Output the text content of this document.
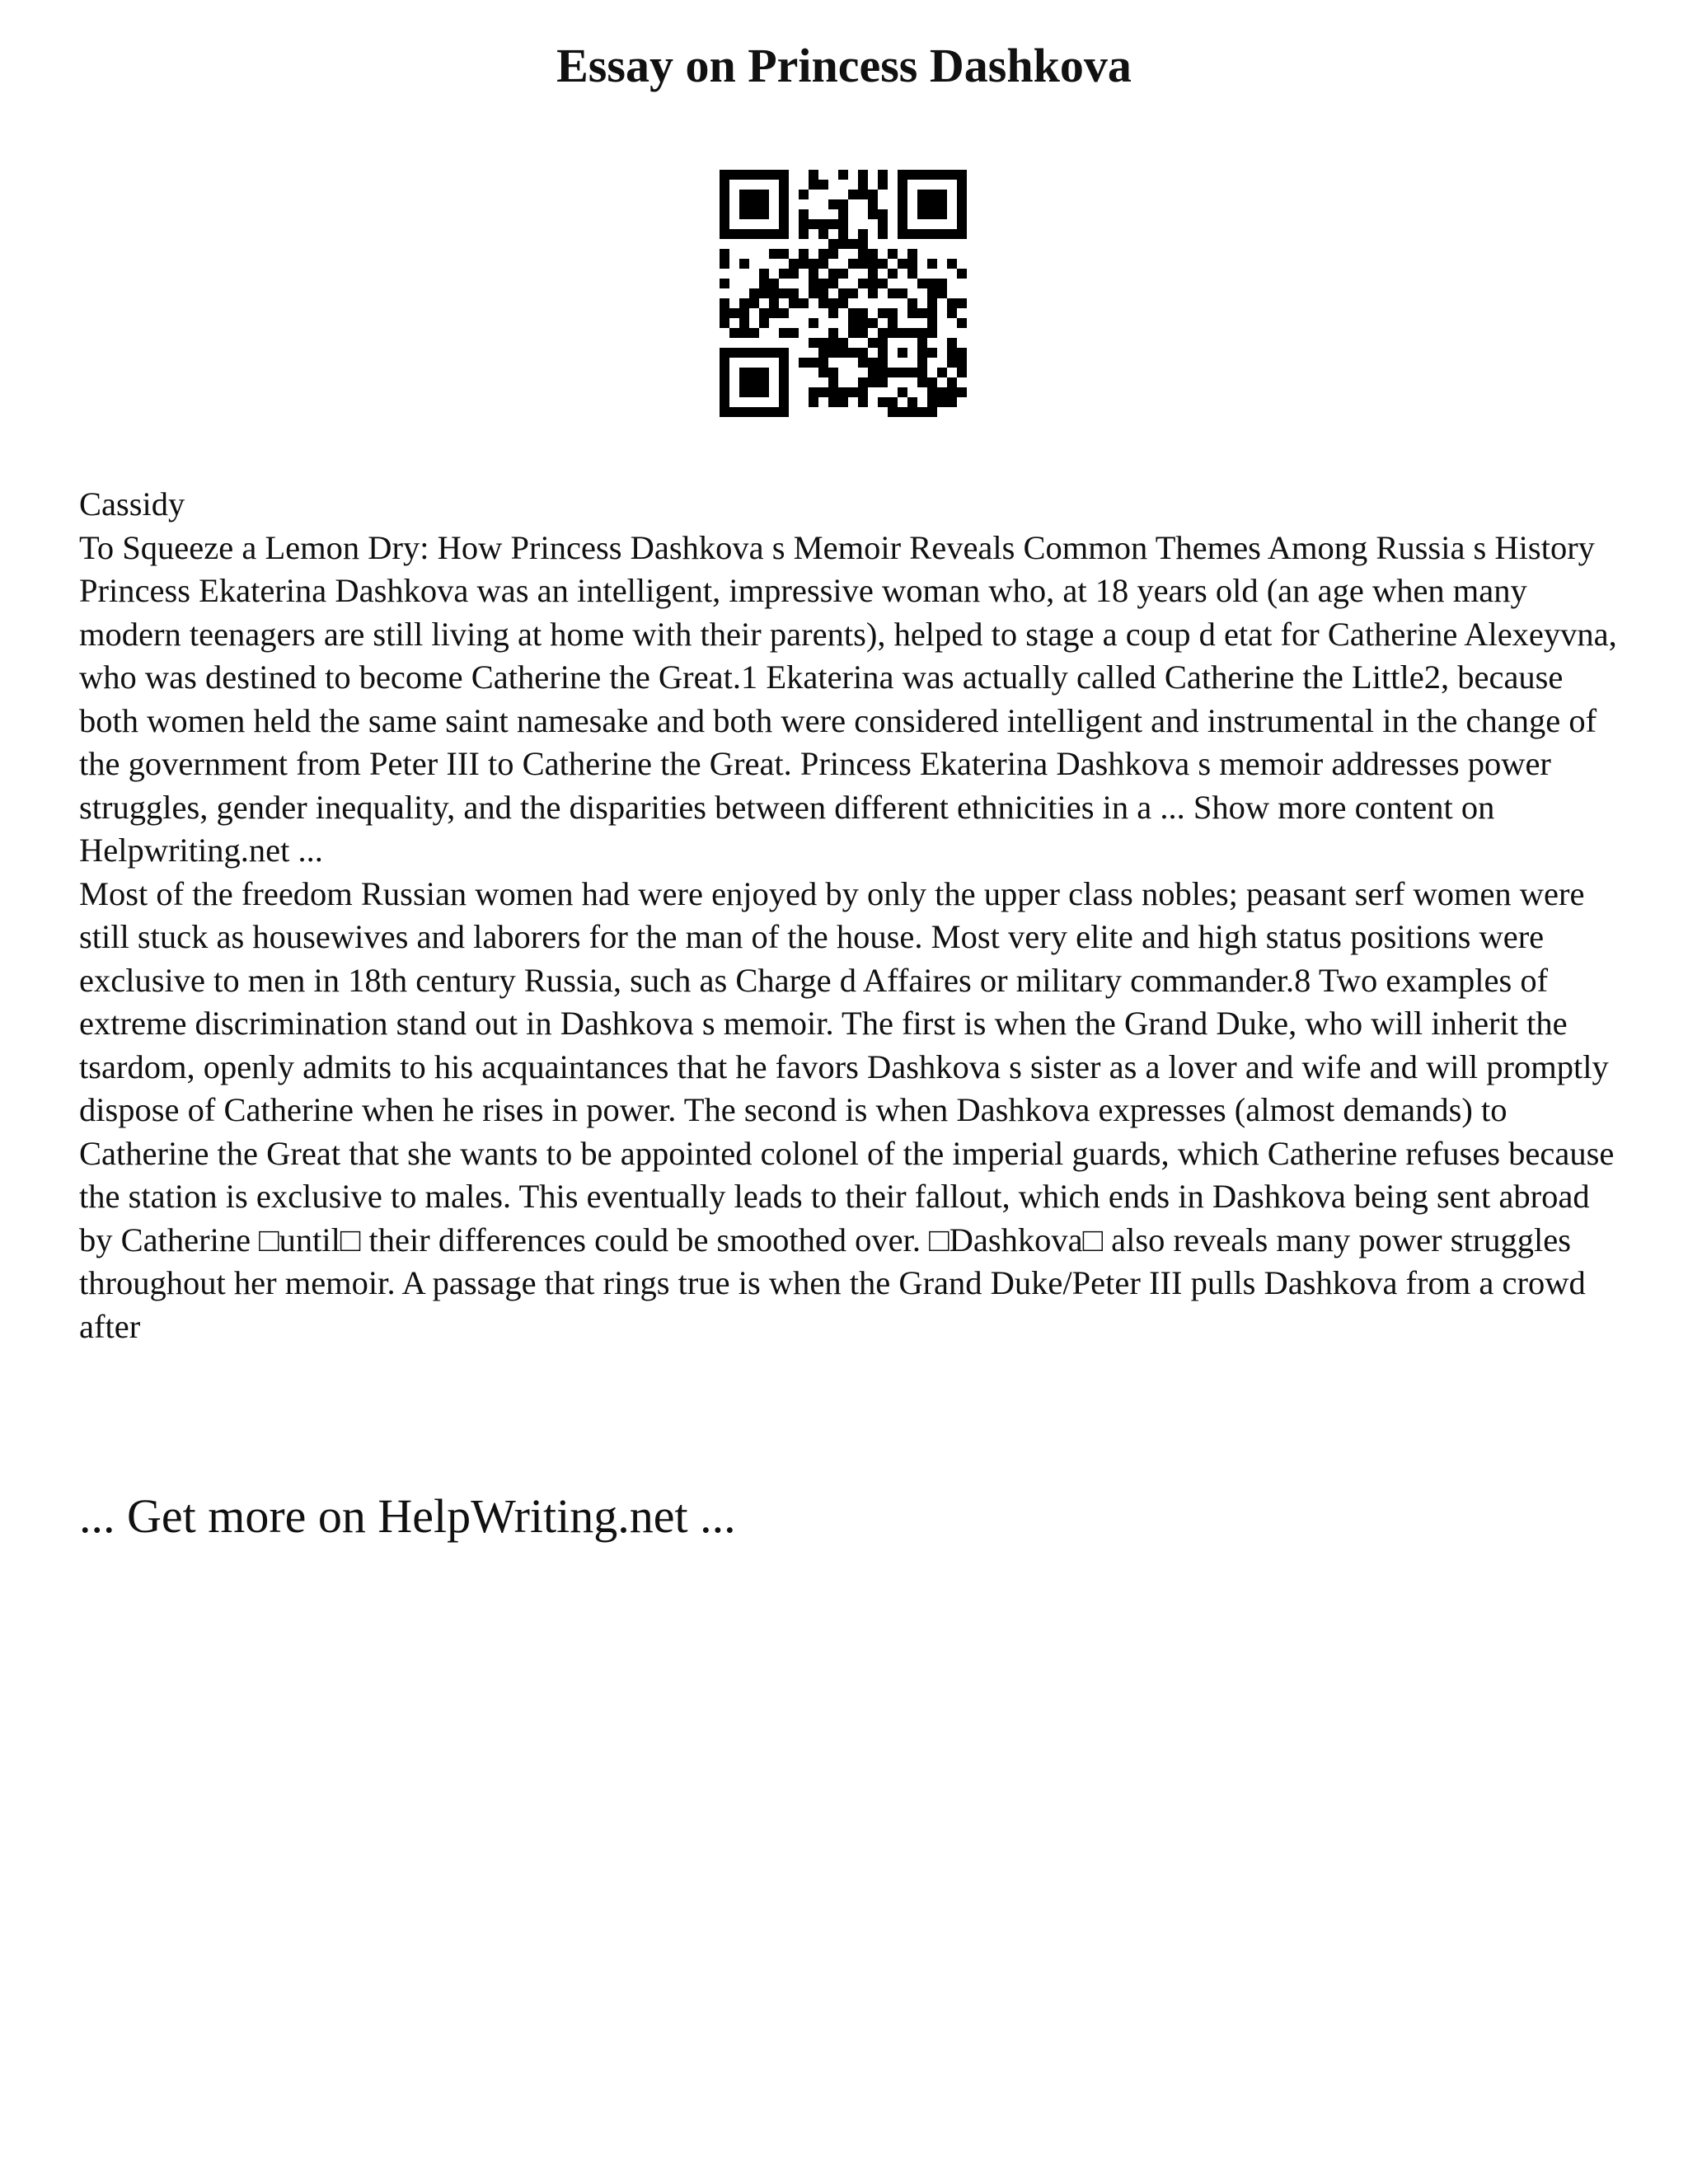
Essay on Princess Dashkova

Cassidy

To Squeeze a Lemon Dry: How Princess Dashkova s Memoir Reveals Common Themes Among Russia s History Princess Ekaterina Dashkova was an intelligent, impressive woman who, at 18 years old (an age when many modern teenagers are still living at home with their parents), helped to stage a coup d etat for Catherine Alexeyvna, who was destined to become Catherine the Great.1 Ekaterina was actually called Catherine the Little2, because both women held the same saint namesake and both were considered intelligent and instrumental in the change of the government from Peter III to Catherine the Great. Princess Ekaterina Dashkova s memoir addresses power struggles, gender inequality, and the disparities between different ethnicities in a ... Show more content on Helpwriting.net ...

Most of the freedom Russian women had were enjoyed by only the upper class nobles; peasant serf women were still stuck as housewives and laborers for the man of the house. Most very elite and high status positions were exclusive to men in 18th century Russia, such as Charge d Affaires or military commander.8 Two examples of extreme discrimination stand out in Dashkova s memoir. The first is when the Grand Duke, who will inherit the tsardom, openly admits to his acquaintances that he favors Dashkova s sister as a lover and wife and will promptly dispose of Catherine when he rises in power. The second is when Dashkova expresses (almost demands) to Catherine the Great that she wants to be appointed colonel of the imperial guards, which Catherine refuses because the station is exclusive to males. This eventually leads to their fallout, which ends in Dashkova being sent abroad by Catherine □until□ their differences could be smoothed over. □Dashkova□ also reveals many power struggles throughout her memoir. A passage that rings true is when the Grand Duke/Peter III pulls Dashkova from a crowd after

... Get more on HelpWriting.net ...
